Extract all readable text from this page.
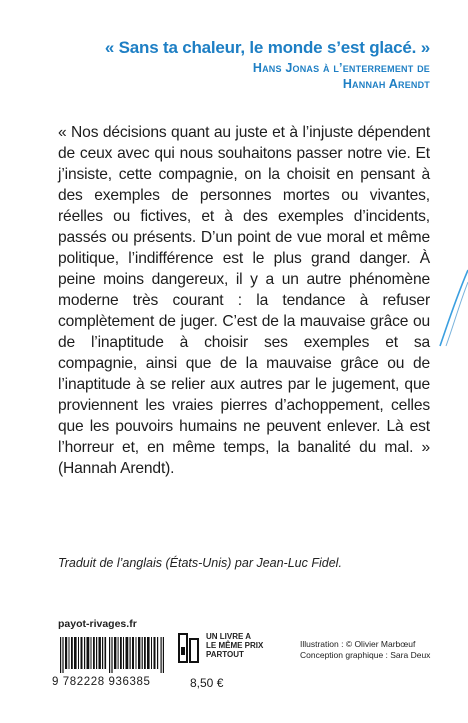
« Sans ta chaleur, le monde s’est glacé. »
Hans Jonas à l’enterrement de
Hannah Arendt
« Nos décisions quant au juste et à l’injuste dépendent de ceux avec qui nous souhaitons passer notre vie. Et j’insiste, cette compagnie, on la choisit en pensant à des exemples de personnes mortes ou vivantes, réelles ou fictives, et à des exemples d’incidents, passés ou présents. D’un point de vue moral et même politique, l’indifférence est le plus grand danger. À peine moins dangereux, il y a un autre phénomène moderne très courant : la tendance à refuser complètement de juger. C’est de la mauvaise grâce ou de l’inaptitude à choisir ses exemples et sa compagnie, ainsi que de la mauvaise grâce ou de l’inaptitude à se relier aux autres par le jugement, que proviennent les vraies pierres d’achoppement, celles que les pouvoirs humains ne peuvent enlever. Là est l’horreur et, en même temps, la banalité du mal. » (Hannah Arendt).
Traduit de l’anglais (États-Unis) par Jean-Luc Fidel.
payot-rivages.fr
9 782228 936385	8,50 €
UN LIVRE A
LE MÊME PRIX
PARTOUT
Illustration : © Olivier Marbœuf
Conception graphique : Sara Deux
